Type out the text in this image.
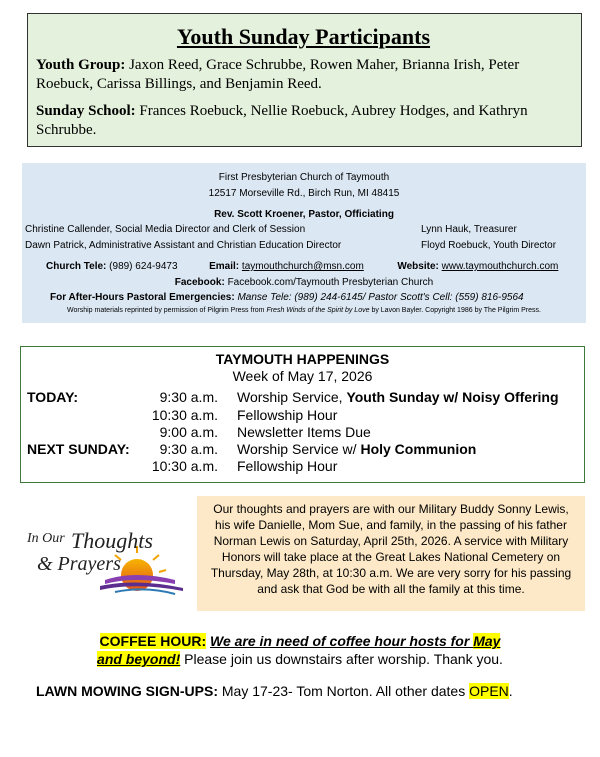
Youth Sunday Participants

Youth Group: Jaxon Reed, Grace Schrubbe, Rowen Maher, Brianna Irish, Peter Roebuck, Carissa Billings, and Benjamin Reed.

Sunday School: Frances Roebuck, Nellie Roebuck, Aubrey Hodges, and Kathryn Schrubbe.

First Presbyterian Church of Taymouth
12517 Morseville Rd., Birch Run, MI 48415
Rev. Scott Kroener, Pastor, Officiating
Christine Callender, Social Media Director and Clerk of Session	Lynn Hauk, Treasurer
Dawn Patrick, Administrative Assistant and Christian Education Director	Floyd Roebuck, Youth Director
Church Tele: (989) 624-9473	Email: taymouthchurch@msn.com	Website: www.taymouthchurch.com
Facebook: Facebook.com/Taymouth Presbyterian Church
For After-Hours Pastoral Emergencies: Manse Tele: (989) 244-6145/ Pastor Scott's Cell: (559) 816-9564
Worship materials reprinted by permission of Pilgrim Press from Fresh Winds of the Spirit by Love by Lavon Bayler. Copyright 1986 by The Pilgrim Press.
TAYMOUTH HAPPENINGS
Week of May 17, 2026
TODAY:	9:30 a.m. Worship Service, Youth Sunday w/ Noisy Offering
10:30 a.m. Fellowship Hour
9:00 a.m. Newsletter Items Due
NEXT SUNDAY:	9:30 a.m. Worship Service w/ Holy Communion
10:30 a.m. Fellowship Hour
In Our Thoughts
& Prayers
Our thoughts and prayers are with our Military Buddy Sonny Lewis, his wife Danielle, Mom Sue, and family, in the passing of his father Norman Lewis on Saturday, April 25th, 2026. A service with Military Honors will take place at the Great Lakes National Cemetery on Thursday, May 28th, at 10:30 a.m. We are very sorry for his passing and ask that God be with all the family at this time.
COFFEE HOUR: We are in need of coffee hour hosts for May
and beyond! Please join us downstairs after worship. Thank you.
LAWN MOWING SIGN-UPS: May 17-23- Tom Norton. All other dates OPEN.
